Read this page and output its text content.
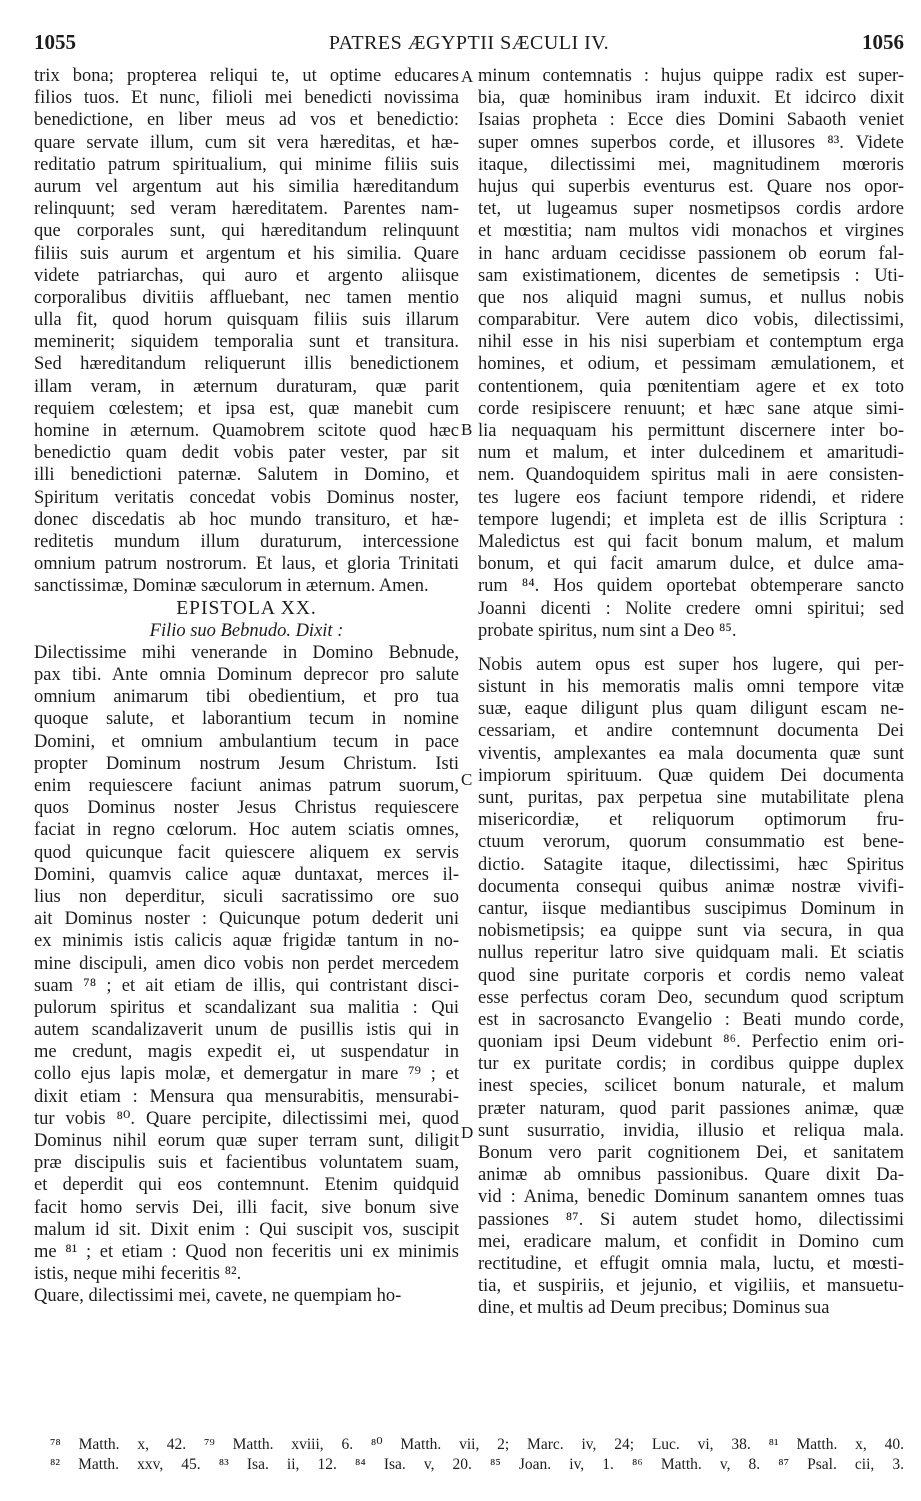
1055	PATRES ÆGYPTII SÆCULI IV.	1056
A
B
C
D
trix bona; propterea reliqui te, ut optime educares
filios tuos. Et nunc, filioli mei benedicti novissima
benedictione, en liber meus ad vos et benedictio:
quare servate illum, cum sit vera hæreditas, et hæ-
reditatio patrum spiritualium, qui minime filiis suis
aurum vel argentum aut his similia hæreditandum
relinquunt; sed veram hæreditatem. Parentes nam-
que corporales sunt, qui hæreditandum relinquunt
filiis suis aurum et argentum et his similia. Quare
videte patriarchas, qui auro et argento aliisque
corporalibus divitiis affluebant, nec tamen mentio
ulla fit, quod horum quisquam filiis suis illarum
meminerit; siquidem temporalia sunt et transitura.
Sed hæreditandum reliquerunt illis benedictionem
illam veram, in æternum duraturam, quæ parit
requiem cœlestem; et ipsa est, quæ manebit cum
homine in æternum. Quamobrem scitote quod hæc
benedictio quam dedit vobis pater vester, par sit
illi benedictioni paternæ. Salutem in Domino, et
Spiritum veritatis concedat vobis Dominus noster,
donec discedatis ab hoc mundo transituro, et hæ-
reditetis mundum illum duraturum, intercessione
omnium patrum nostrorum. Et laus, et gloria Trinitati
sanctissimæ, Dominæ sæculorum in æternum. Amen.
EPISTOLA XX.
Filio suo Bebnudo. Dixit :
Dilectissime mihi venerande in Domino Bebnude,
pax tibi. Ante omnia Dominum deprecor pro salute
omnium animarum tibi obedientium, et pro tua
quoque salute, et laborantium tecum in nomine
Domini, et omnium ambulantium tecum in pace
propter Dominum nostrum Jesum Christum. Isti
enim requiescere faciunt animas patrum suorum,
quos Dominus noster Jesus Christus requiescere
faciat in regno cœlorum. Hoc autem sciatis omnes,
quod quicunque facit quiescere aliquem ex servis
Domini, quamvis calice aquæ duntaxat, merces il-
lius non deperditur, siculi sacratissimo ore suo
ait Dominus noster : Quicunque potum dederit uni
ex minimis istis calicis aquæ frigidæ tantum in no-
mine discipuli, amen dico vobis non perdet mercedem
suam ⁷⁸ ; et ait etiam de illis, qui contristant disci-
pulorum spiritus et scandalizant sua malitia : Qui
autem scandalizaverit unum de pusillis istis qui in
me credunt, magis expedit ei, ut suspendatur in
collo ejus lapis molæ, et demergatur in mare ⁷⁹ ; et
dixit etiam : Mensura qua mensurabitis, mensurabi-
tur vobis ⁸⁰. Quare percipite, dilectissimi mei, quod
Dominus nihil eorum quæ super terram sunt, diligit
præ discipulis suis et facientibus voluntatem suam,
et deperdit qui eos contemnunt. Etenim quidquid
facit homo servis Dei, illi facit, sive bonum sive
malum id sit. Dixit enim : Qui suscipit vos, suscipit
me ⁸¹ ; et etiam : Quod non feceritis uni ex minimis
istis, neque mihi feceritis ⁸².
Quare, dilectissimi mei, cavete, ne quempiam ho-
minum contemnatis : hujus quippe radix est super-
bia, quæ hominibus iram induxit. Et idcirco dixit
Isaias propheta : Ecce dies Domini Sabaoth veniet
super omnes superbos corde, et illusores ⁸³. Videte
itaque, dilectissimi mei, magnitudinem mœroris
hujus qui superbis eventurus est. Quare nos opor-
tet, ut lugeamus super nosmetipsos cordis ardore
et mœstitia; nam multos vidi monachos et virgines
in hanc arduam cecidisse passionem ob eorum fal-
sam existimationem, dicentes de semetipsis : Uti-
que nos aliquid magni sumus, et nullus nobis
comparabitur. Vere autem dico vobis, dilectissimi,
nihil esse in his nisi superbiam et contemptum erga
homines, et odium, et pessimam æmulationem, et
contentionem, quia pœnitentiam agere et ex toto
corde resipiscere renuunt; et hæc sane atque simi-
lia nequaquam his permittunt discernere inter bo-
num et malum, et inter dulcedinem et amaritudi-
nem. Quandoquidem spiritus mali in aere consisten-
tes lugere eos faciunt tempore ridendi, et ridere
tempore lugendi; et impleta est de illis Scriptura :
Maledictus est qui facit bonum malum, et malum
bonum, et qui facit amarum dulce, et dulce ama-
rum ⁸⁴. Hos quidem oportebat obtemperare sancto
Joanni dicenti : Nolite credere omni spiritui; sed
probate spiritus, num sint a Deo ⁸⁵.
Nobis autem opus est super hos lugere, qui per-
sistunt in his memoratis malis omni tempore vitæ
suæ, eaque diligunt plus quam diligunt escam ne-
cessariam, et andire contemnunt documenta Dei
viventis, amplexantes ea mala documenta quæ sunt
impiorum spirituum. Quæ quidem Dei documenta
sunt, puritas, pax perpetua sine mutabilitate plena
misericordiæ, et reliquorum optimorum fru-
ctuum verorum, quorum consummatio est bene-
dictio. Satagite itaque, dilectissimi, hæc Spiritus
documenta consequi quibus animæ nostræ vivifi-
cantur, iisque mediantibus suscipimus Dominum in
nobismetipsis; ea quippe sunt via secura, in qua
nullus reperitur latro sive quidquam mali. Et sciatis
quod sine puritate corporis et cordis nemo valeat
esse perfectus coram Deo, secundum quod scriptum
est in sacrosancto Evangelio : Beati mundo corde,
quoniam ipsi Deum videbunt ⁸⁶. Perfectio enim ori-
tur ex puritate cordis; in cordibus quippe duplex
inest species, scilicet bonum naturale, et malum
præter naturam, quod parit passiones animæ, quæ
sunt susurratio, invidia, illusio et reliqua mala.
Bonum vero parit cognitionem Dei, et sanitatem
animæ ab omnibus passionibus. Quare dixit Da-
vid : Anima, benedic Dominum sanantem omnes tuas
passiones ⁸⁷. Si autem studet homo, dilectissimi
mei, eradicare malum, et confidit in Domino cum
rectitudine, et effugit omnia mala, luctu, et mœsti-
tia, et suspiriis, et jejunio, et vigiliis, et mansuetu-
dine, et multis ad Deum precibus; Dominus sua
⁷⁸ Matth. x, 42. ⁷⁹ Matth. xviii, 6. ⁸⁰ Matth. vii, 2; Marc. iv, 24; Luc. vi, 38. ⁸¹ Matth. x, 40.
⁸² Matth. xxv, 45. ⁸³ Isa. ii, 12. ⁸⁴ Isa. v, 20. ⁸⁵ Joan. iv, 1. ⁸⁶ Matth. v, 8. ⁸⁷ Psal. cii, 3.
